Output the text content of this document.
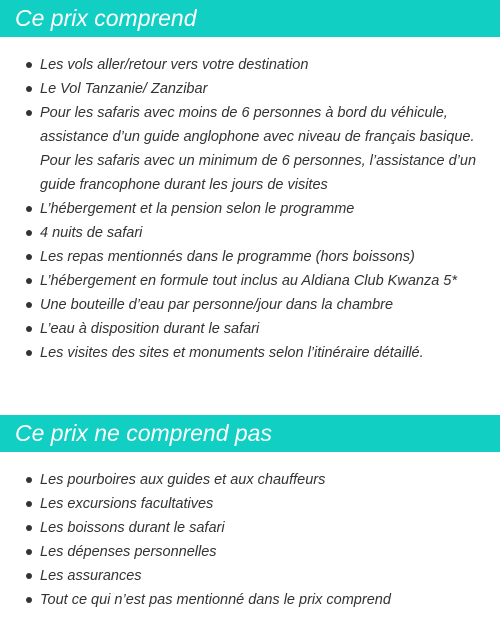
Ce prix comprend
Les vols aller/retour vers votre destination
Le Vol Tanzanie/ Zanzibar
Pour les safaris avec moins de 6 personnes à bord du véhicule, assistance d’un guide anglophone avec niveau de français basique. Pour les safaris avec un minimum de 6 personnes, l’assistance d’un guide francophone durant les jours de visites
L’hébergement et la pension selon le programme
4 nuits de safari
Les repas mentionnés dans le programme (hors boissons)
L’hébergement en formule tout inclus au Aldiana Club Kwanza 5*
Une bouteille d’eau par personne/jour dans la chambre
L’eau à disposition durant le safari
Les visites des sites et monuments selon l’itinéraire détaillé.
Ce prix ne comprend pas
Les pourboires aux guides et aux chauffeurs
Les excursions facultatives
Les boissons durant le safari
Les dépenses personnelles
Les assurances
Tout ce qui n’est pas mentionné dans le prix comprend
